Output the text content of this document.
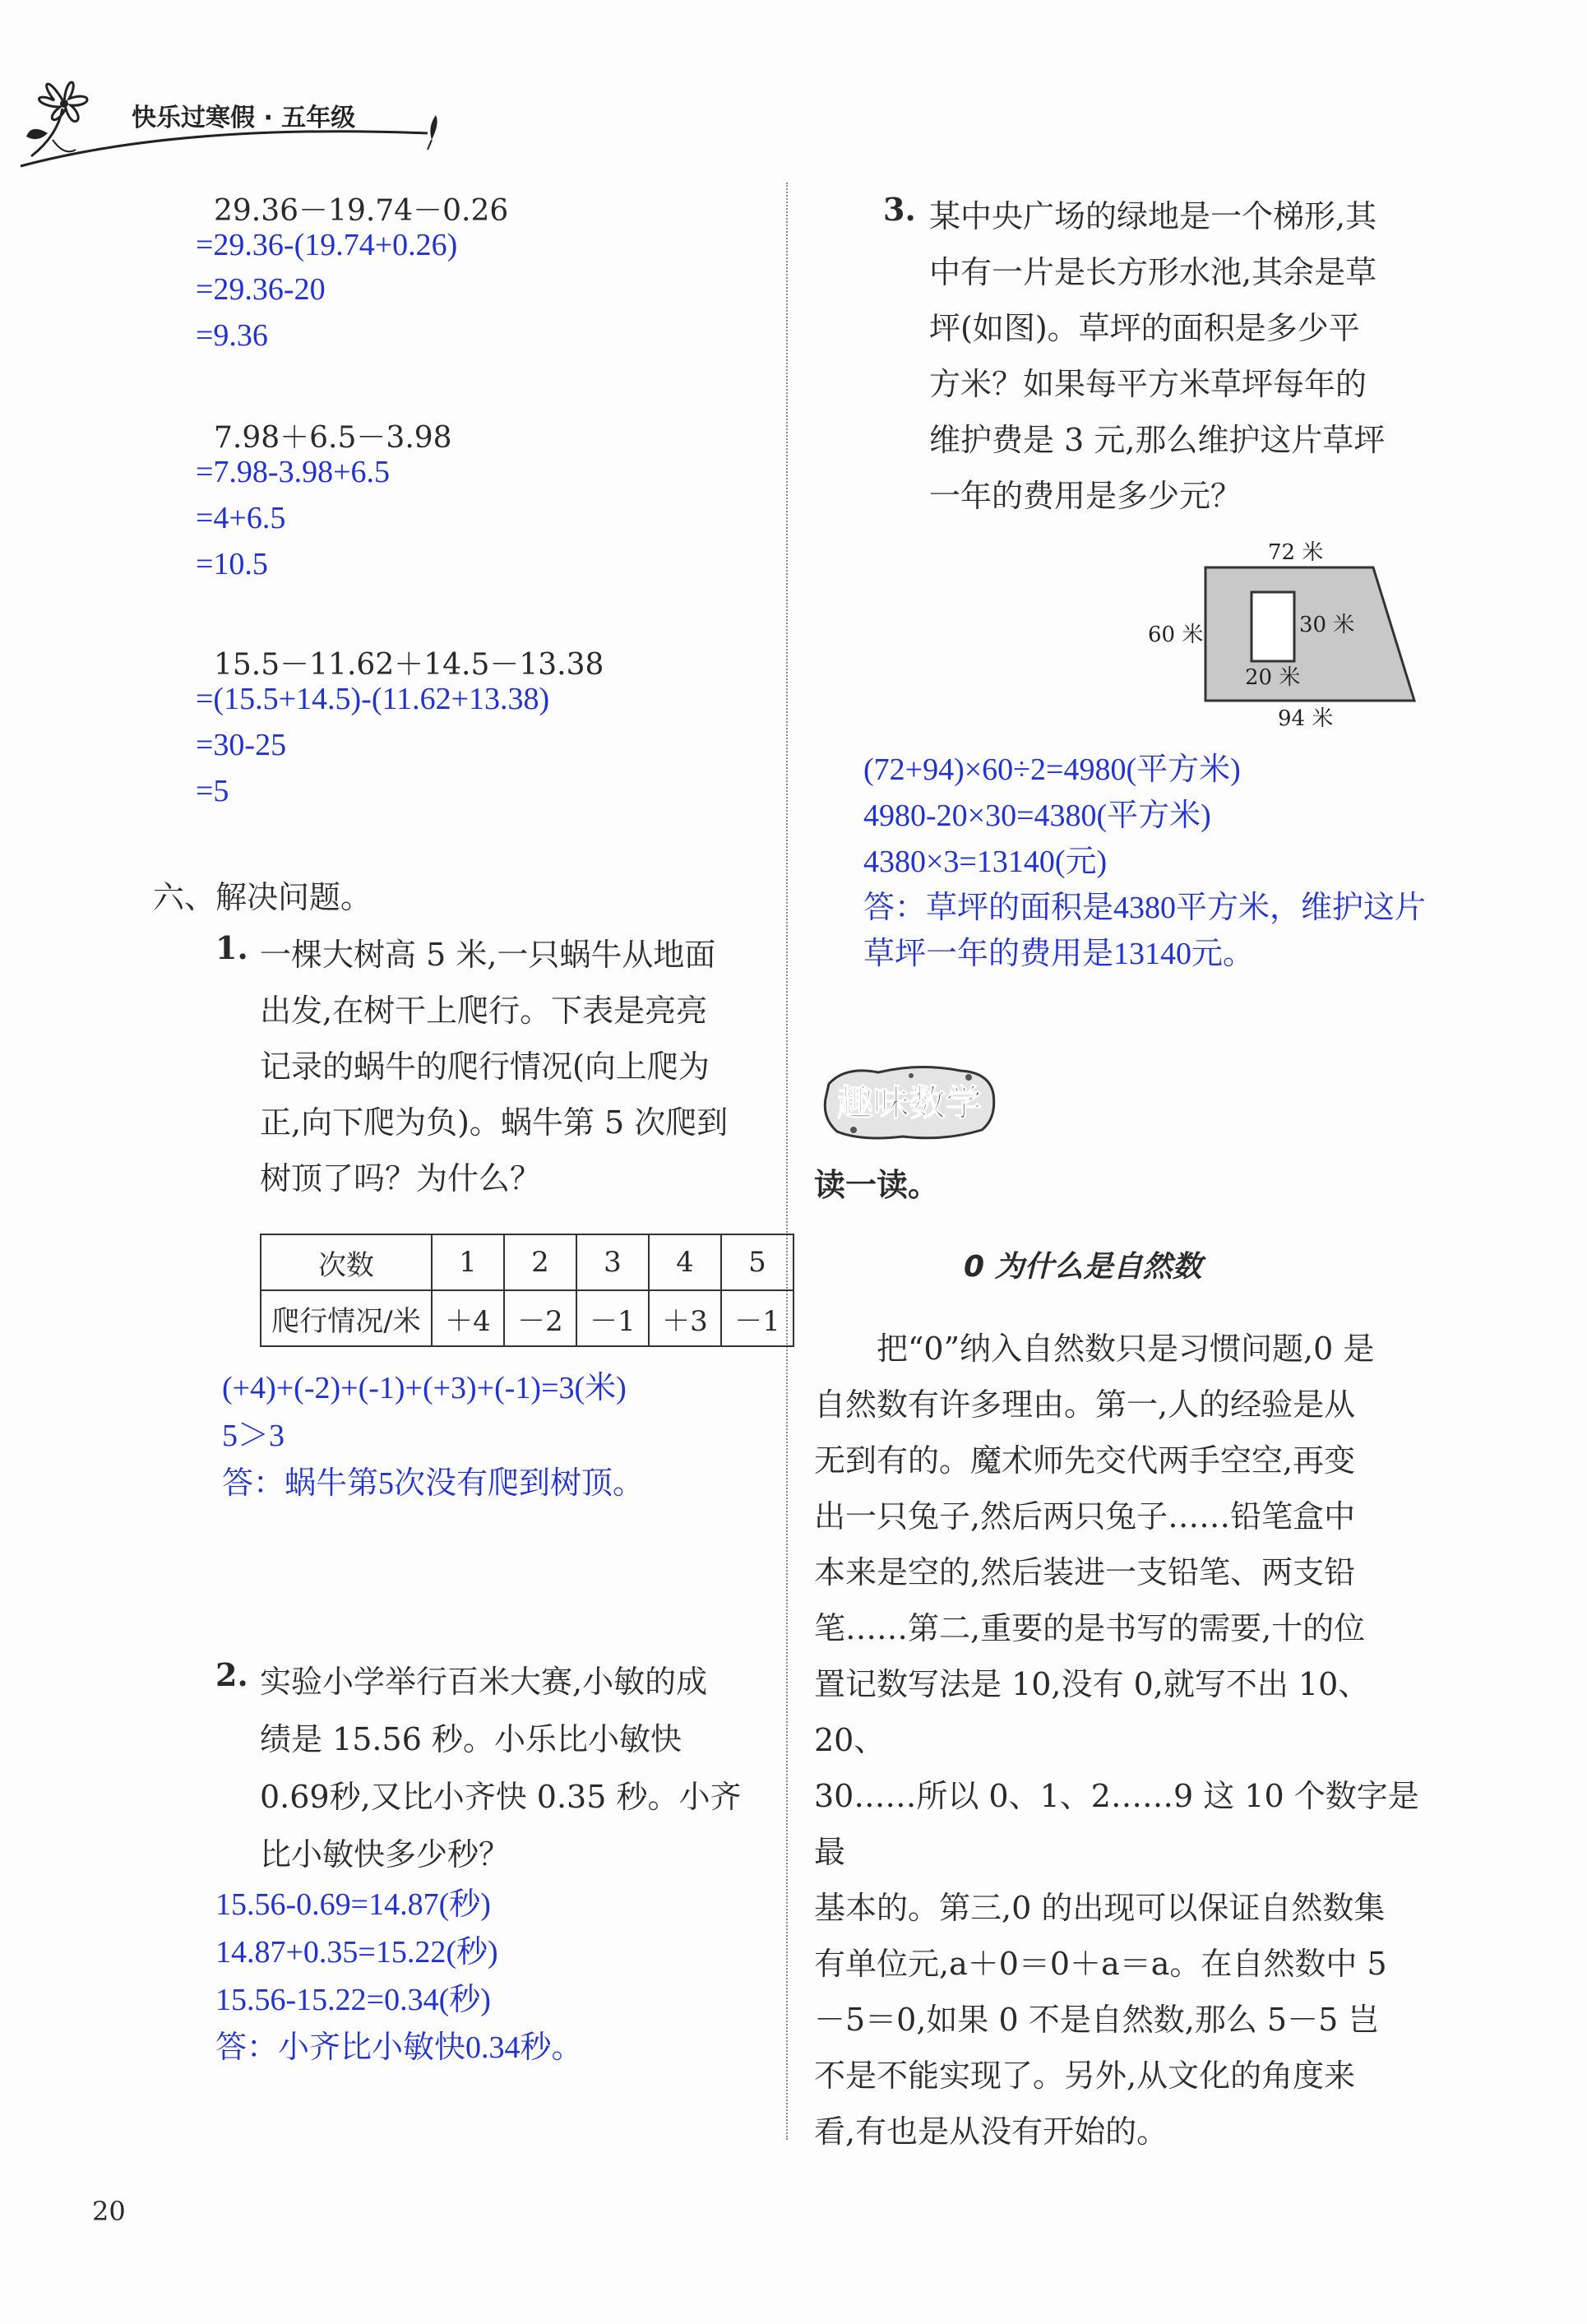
快乐过寒假 · 五年级
29.36－19.74－0.26
=29.36-(19.74+0.26)
=29.36-20
=9.36
7.98＋6.5－3.98
=7.98-3.98+6.5
=4+6.5
=10.5
15.5－11.62＋14.5－13.38
=(15.5+14.5)-(11.62+13.38)
=30-25
=5
六、解决问题。
1. 一棵大树高 5 米,一只蜗牛从地面
出发,在树干上爬行。下表是亮亮
记录的蜗牛的爬行情况(向上爬为
正,向下爬为负)。蜗牛第 5 次爬到
树顶了吗？为什么？
次数	1	2	3	4	5
爬行情况/米	＋4	－2	－1	＋3	－1
(+4)+(-2)+(-1)+(+3)+(-1)=3(米)
5＞3
答：蜗牛第5次没有爬到树顶。
2. 实验小学举行百米大赛,小敏的成
绩是 15.56 秒。小乐比小敏快
0.69秒,又比小齐快 0.35 秒。小齐
比小敏快多少秒？
15.56-0.69=14.87(秒)
14.87+0.35=15.22(秒)
15.56-15.22=0.34(秒)
答：小齐比小敏快0.34秒。
3. 某中央广场的绿地是一个梯形,其
中有一片是长方形水池,其余是草
坪(如图)。草坪的面积是多少平
方米？如果每平方米草坪每年的
维护费是 3 元,那么维护这片草坪
一年的费用是多少元？
72 米
60 米	30 米
20 米
94 米
(72+94)×60÷2=4980(平方米)
4980-20×30=4380(平方米)
4380×3=13140(元)
答：草坪的面积是4380平方米，维护这片
草坪一年的费用是13140元。
趣味数学
读一读。
0 为什么是自然数
把“0”纳入自然数只是习惯问题,0 是
自然数有许多理由。第一,人的经验是从
无到有的。魔术师先交代两手空空,再变
出一只兔子,然后两只兔子……铅笔盒中
本来是空的,然后装进一支铅笔、两支铅
笔……第二,重要的是书写的需要,十的位
置记数写法是 10,没有 0,就写不出 10、20、
30……所以 0、1、2……9 这 10 个数字是最
基本的。第三,0 的出现可以保证自然数集
有单位元,a＋0＝0＋a＝a。在自然数中 5
－5＝0,如果 0 不是自然数,那么 5－5 岂
不是不能实现了。另外,从文化的角度来
看,有也是从没有开始的。
20
